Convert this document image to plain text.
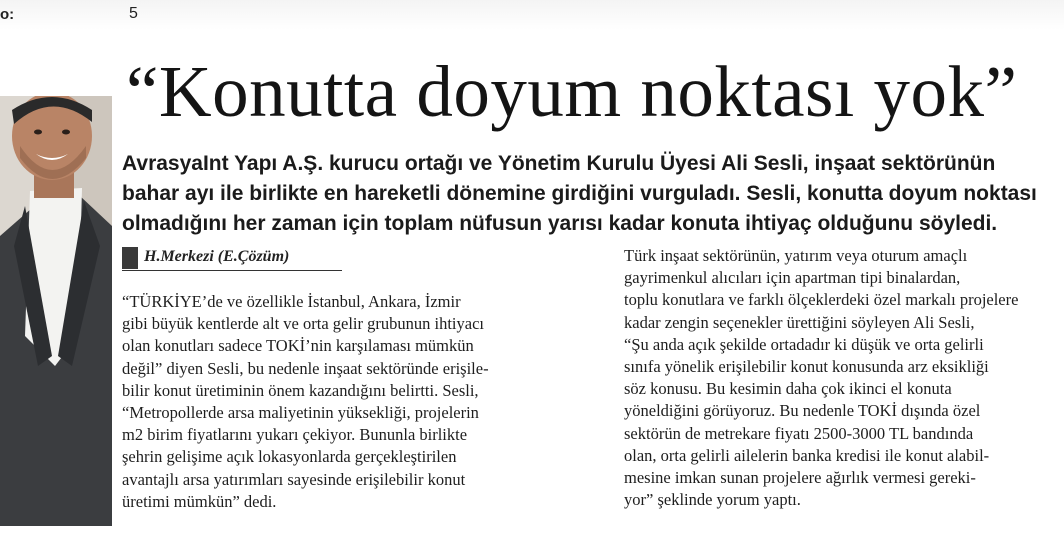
o:	5
“Konutta doyum noktası yok”
AvrasyaInt Yapı A.Ş. kurucu ortağı ve Yönetim Kurulu Üyesi Ali Sesli, inşaat sektörünün
bahar ayı ile birlikte en hareketli dönemine girdiğini vurguladı. Sesli, konutta doyum noktası
olmadığını her zaman için toplam nüfusun yarısı kadar konuta ihtiyaç olduğunu söyledi.
H.Merkezi (E.Çözüm)
“TÜRKİYE’de ve özellikle İstanbul, Ankara, İzmir
gibi büyük kentlerde alt ve orta gelir grubunun ihtiyacı
olan konutları sadece TOKİ’nin karşılaması mümkün
değil” diyen Sesli, bu nedenle inşaat sektöründe erişile-
bilir konut üretiminin önem kazandığını belirtti. Sesli,
“Metropollerde arsa maliyetinin yüksekliği, projelerin
m2 birim fiyatlarını yukarı çekiyor. Bununla birlikte
şehrin gelişime açık lokasyonlarda gerçekleştirilen
avantajlı arsa yatırımları sayesinde erişilebilir konut
üretimi mümkün” dedi.
Türk inşaat sektörünün, yatırım veya oturum amaçlı
gayrimenkul alıcıları için apartman tipi binalardan,
toplu konutlara ve farklı ölçeklerdeki özel markalı projelere
kadar zengin seçenekler ürettiğini söyleyen Ali Sesli,
“Şu anda açık şekilde ortadadır ki düşük ve orta gelirli
sınıfa yönelik erişilebilir konut konusunda arz eksikliği
söz konusu. Bu kesimin daha çok ikinci el konuta
yöneldiğini görüyoruz. Bu nedenle TOKİ dışında özel
sektörün de metrekare fiyatı 2500-3000 TL bandında
olan, orta gelirli ailelerin banka kredisi ile konut alabil-
mesine imkan sunan projelere ağırlık vermesi gereki-
yor” şeklinde yorum yaptı.
